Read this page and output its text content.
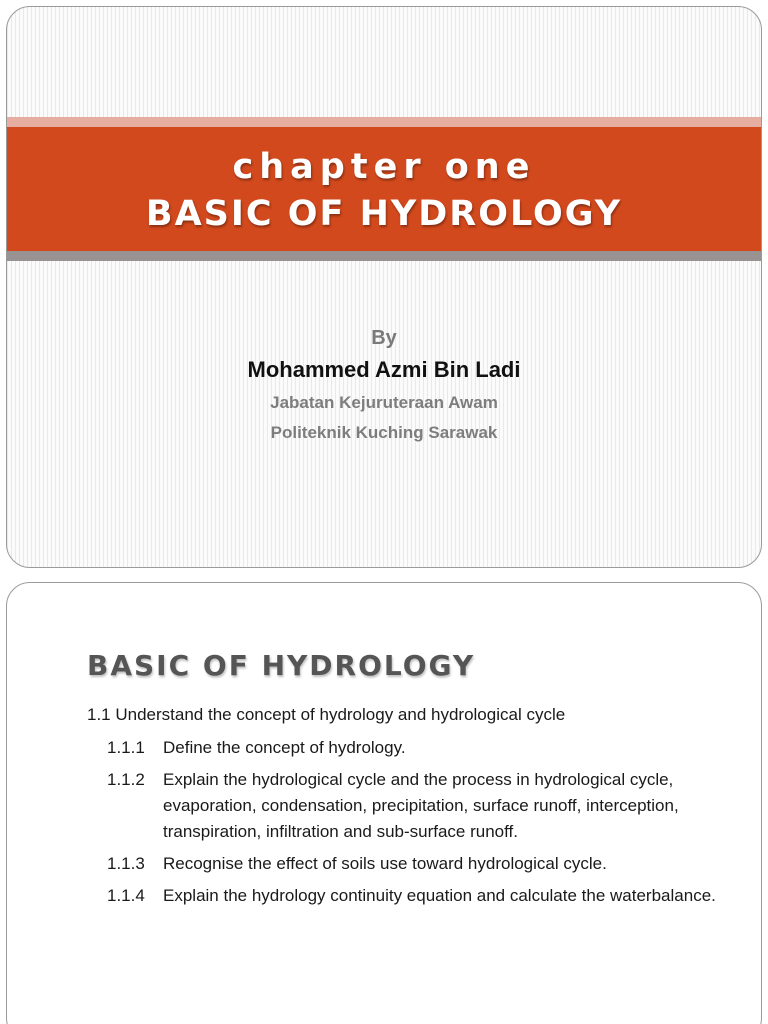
chapter one
BASIC OF HYDROLOGY
By
Mohammed Azmi Bin Ladi
Jabatan Kejuruteraan Awam
Politeknik Kuching Sarawak
BASIC OF HYDROLOGY
1.1 Understand the concept of hydrology and hydrological cycle
1.1.1	Define the concept of hydrology.
1.1.2	Explain the hydrological cycle and the process in hydrological cycle, evaporation, condensation, precipitation, surface runoff, interception, transpiration, infiltration and sub-surface runoff.
1.1.3	Recognise the effect of soils use toward hydrological cycle.
1.1.4	Explain the hydrology continuity equation and calculate the waterbalance.
